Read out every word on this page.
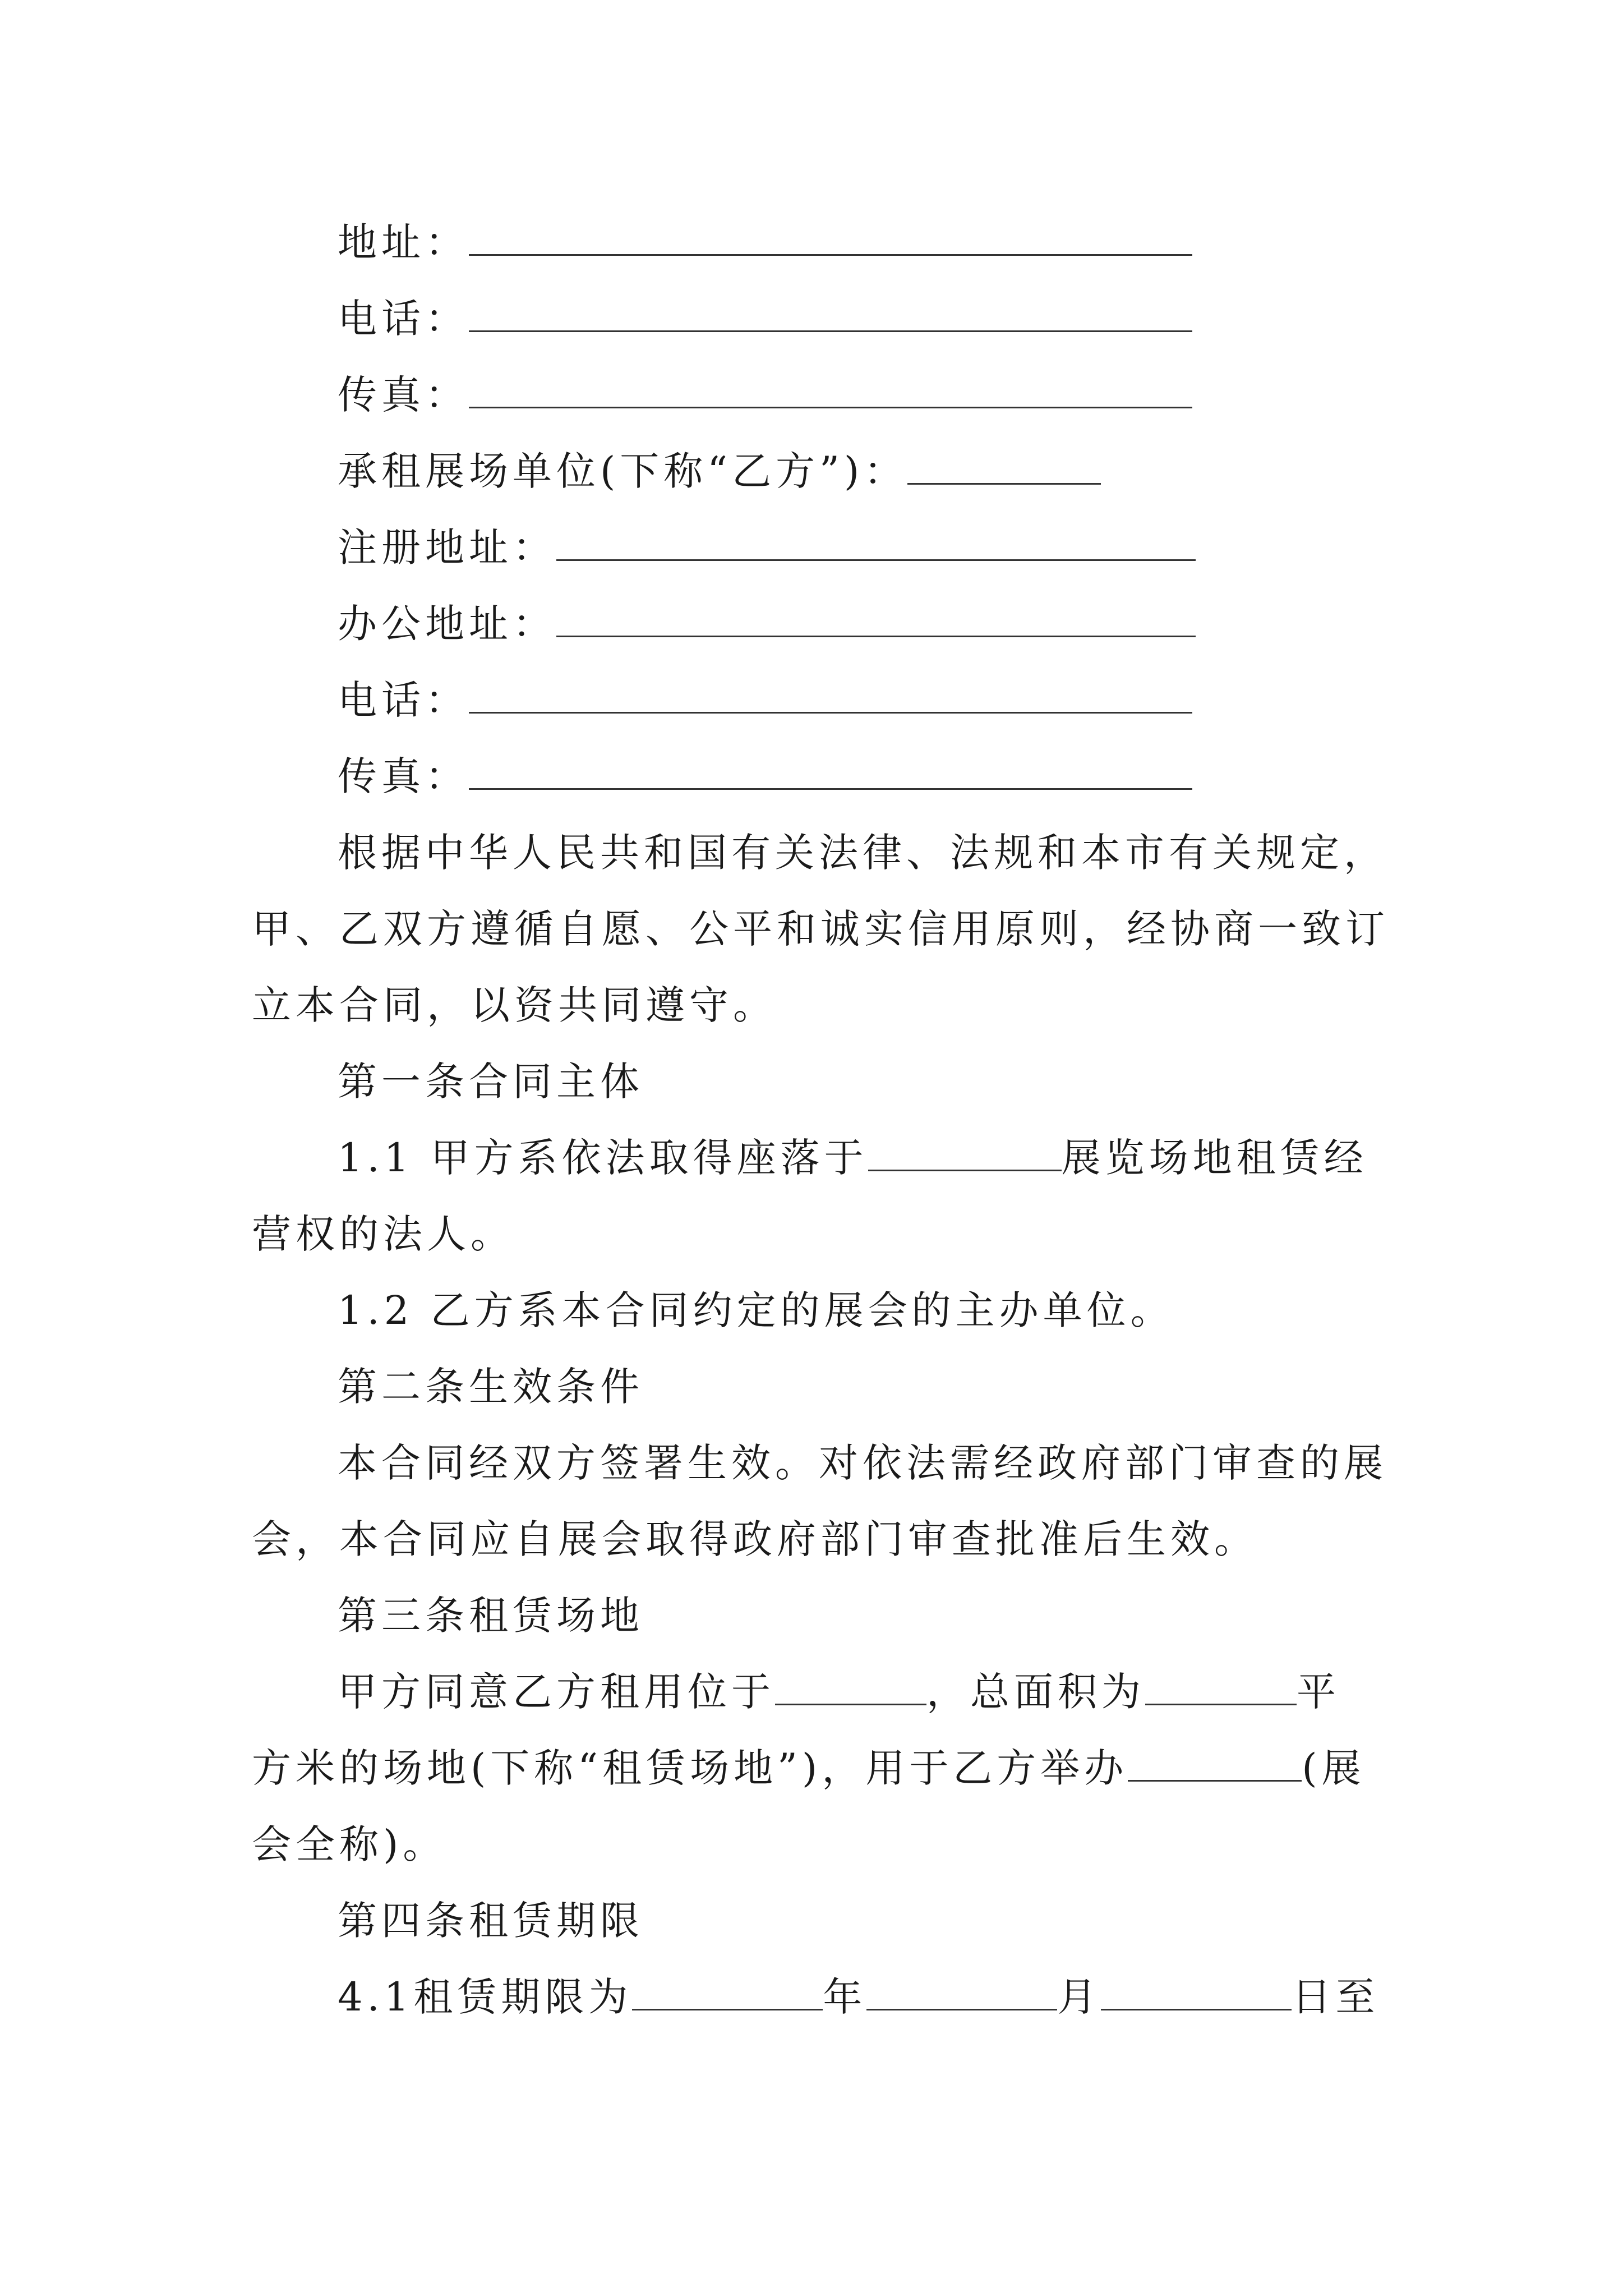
地址：
电话：
传真：
承租展场单位(下称“乙方”)：
注册地址：
办公地址：
电话：
传真：
根据中华人民共和国有关法律、法规和本市有关规定，
甲、乙双方遵循自愿、公平和诚实信用原则，经协商一致订
立本合同，以资共同遵守。
第一条合同主体
1.1 甲方系依法取得座落于	展览场地租赁经
营权的法人。
1.2 乙方系本合同约定的展会的主办单位。
第二条生效条件
本合同经双方签署生效。对依法需经政府部门审查的展
会，本合同应自展会取得政府部门审查批准后生效。
第三条租赁场地
甲方同意乙方租用位于	，总面积为	平
方米的场地(下称“租赁场地”)，用于乙方举办	(展
会全称)。
第四条租赁期限
4.1租赁期限为	年	月	日至
